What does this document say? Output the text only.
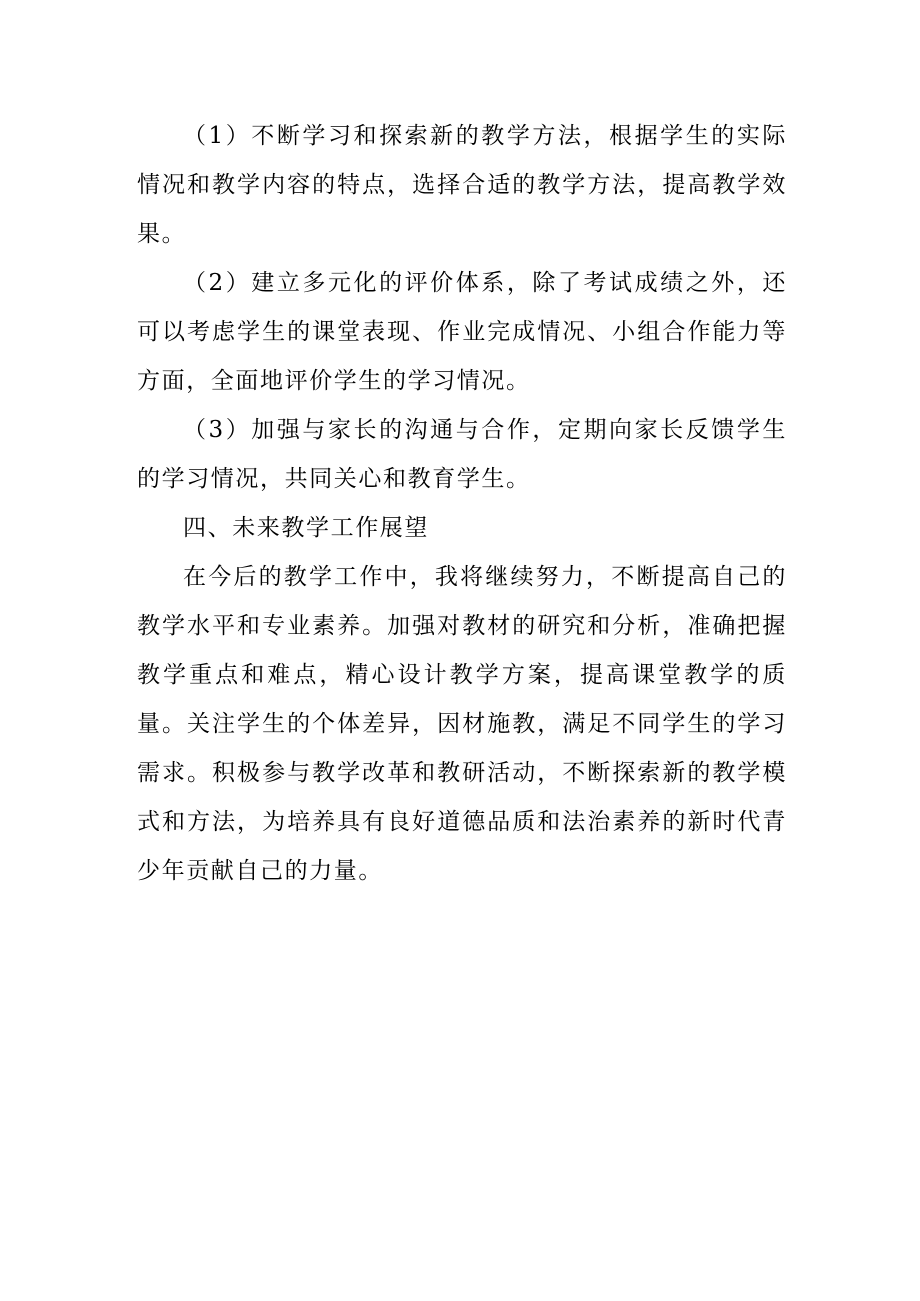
（1）不断学习和探索新的教学方法，根据学生的实际情况和教学内容的特点，选择合适的教学方法，提高教学效果。

（2）建立多元化的评价体系，除了考试成绩之外，还可以考虑学生的课堂表现、作业完成情况、小组合作能力等方面，全面地评价学生的学习情况。

（3）加强与家长的沟通与合作，定期向家长反馈学生的学习情况，共同关心和教育学生。

四、未来教学工作展望

在今后的教学工作中，我将继续努力，不断提高自己的教学水平和专业素养。加强对教材的研究和分析，准确把握教学重点和难点，精心设计教学方案，提高课堂教学的质量。关注学生的个体差异，因材施教，满足不同学生的学习需求。积极参与教学改革和教研活动，不断探索新的教学模式和方法，为培养具有良好道德品质和法治素养的新时代青少年贡献自己的力量。
